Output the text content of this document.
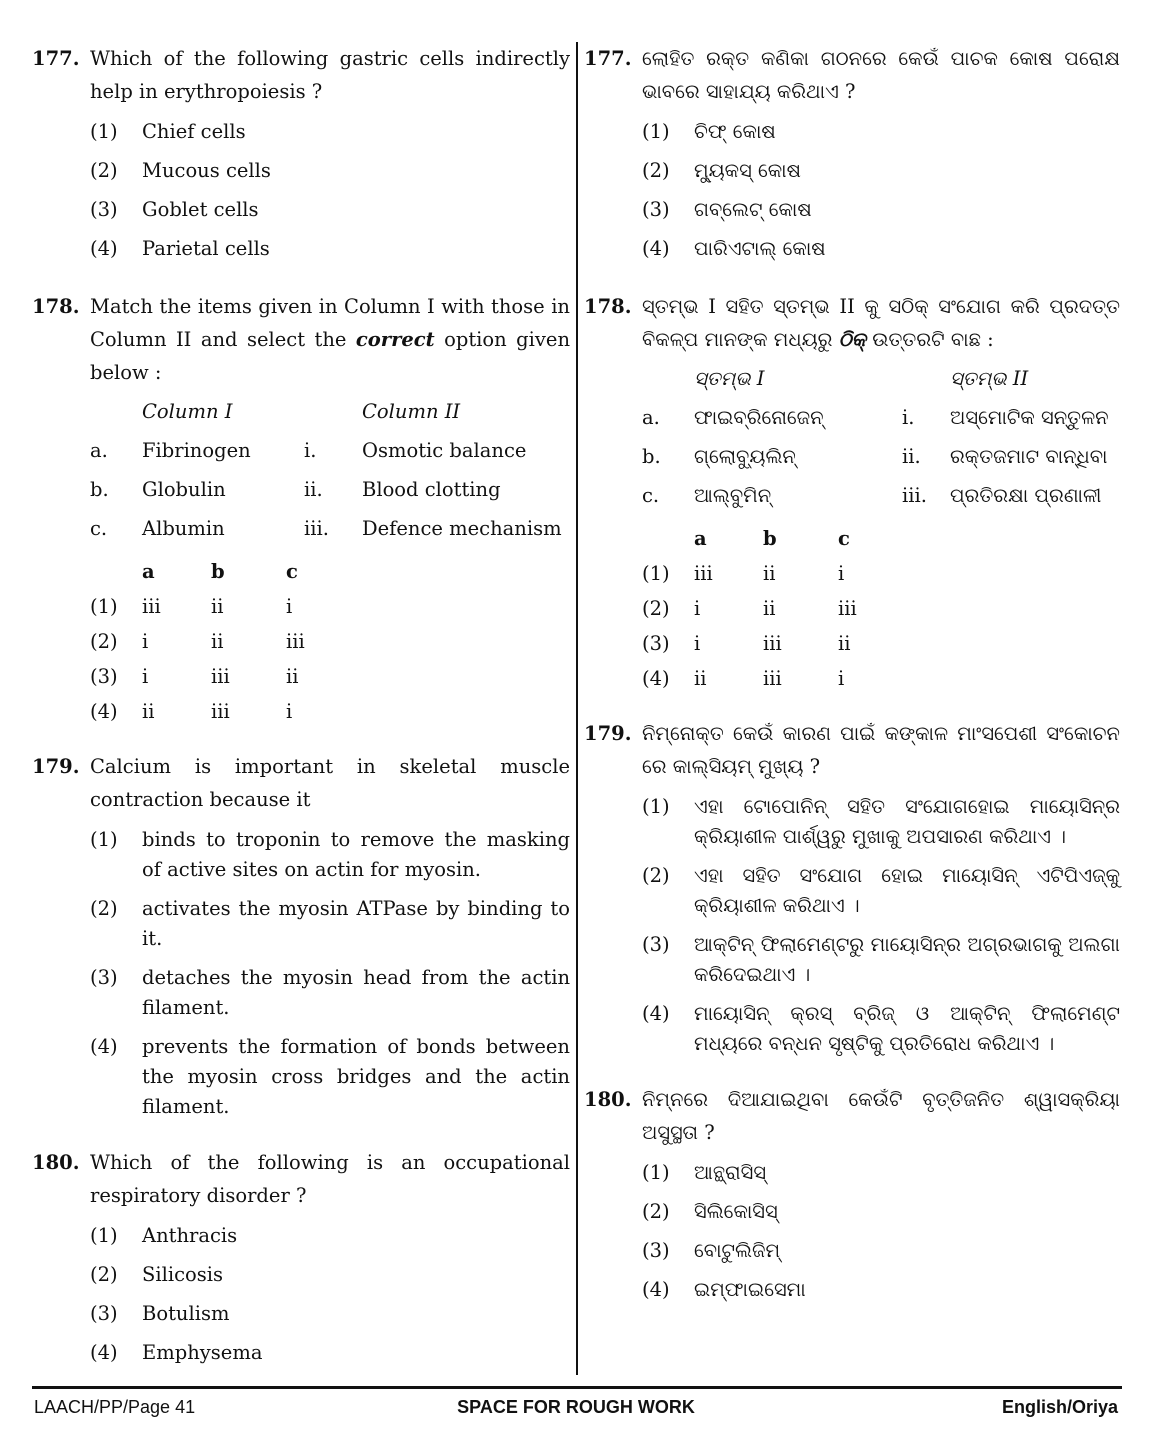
177. Which of the following gastric cells indirectly help in erythropoiesis ?
(1) Chief cells
(2) Mucous cells
(3) Goblet cells
(4) Parietal cells
178. Match the items given in Column I with those in Column II and select the correct option given below :
Column I	Column II
a.	Fibrinogen	i.	Osmotic balance
b.	Globulin	ii.	Blood clotting
c.	Albumin	iii.	Defence mechanism
a	b	c
(1)	iii	ii	i
(2)	i	ii	iii
(3)	i	iii	ii
(4)	ii	iii	i
179. Calcium is important in skeletal muscle contraction because it
(1) binds to troponin to remove the masking of active sites on actin for myosin.
(2) activates the myosin ATPase by binding to it.
(3) detaches the myosin head from the actin filament.
(4) prevents the formation of bonds between the myosin cross bridges and the actin filament.
180. Which of the following is an occupational respiratory disorder ?
(1) Anthracis
(2) Silicosis
(3) Botulism
(4) Emphysema
177. ଲୋହିତ ରକ୍ତ କଣିକା ଗଠନରେ କେଉଁ ପାଚକ କୋଷ ପରୋକ୍ଷ ଭାବରେ ସାହାଯ୍ୟ କରିଥାଏ ?
(1) ଚିଫ୍ କୋଷ
(2) ମ୍ୟୁକସ୍ କୋଷ
(3) ଗବ୍ଲେଟ୍ କୋଷ
(4) ପାରିଏଟାଲ୍ କୋଷ
178. ସ୍ତମ୍ଭ I ସହିତ ସ୍ତମ୍ଭ II କୁ ସଠିକ୍ ସଂଯୋଗ କରି ପ୍ରଦତ୍ତ ବିକଳ୍ପ ମାନଙ୍କ ମଧ୍ୟରୁ ଠିକ୍ ଉତ୍ତରଟି ବାଛ :
ସ୍ତମ୍ଭ I	ସ୍ତମ୍ଭ II
a.	ଫାଇବ୍ରିନୋଜେନ୍	i.	ଅସ୍ମୋଟିକ ସନ୍ତୁଳନ
b.	ଗ୍ଲୋବ୍ୟୁଲିନ୍	ii.	ରକ୍ତଜମାଟ ବାନ୍ଧିବା
c.	ଆଲ୍ବୁମିନ୍	iii.	ପ୍ରତିରକ୍ଷା ପ୍ରଣାଳୀ
a	b	c
(1)	iii	ii	i
(2)	i	ii	iii
(3)	i	iii	ii
(4)	ii	iii	i
179. ନିମ୍ନୋକ୍ତ କେଉଁ କାରଣ ପାଇଁ କଙ୍କାଳ ମାଂସପେଶୀ ସଂକୋଚନ ରେ କାଲ୍ସିୟମ୍ ମୁଖ୍ୟ ?
(1) ଏହା ଟୋପୋନିନ୍ ସହିତ ସଂଯୋଗହୋଇ ମାୟୋସିନ୍‌ର କ୍ରିୟାଶୀଳ ପାର୍ଶ୍ୱରୁ ମୁଖାକୁ ଅପସାରଣ କରିଥାଏ ।
(2) ଏହା ସହିତ ସଂଯୋଗ ହୋଇ ମାୟୋସିନ୍ ଏଟିପିଏଜ୍‌କୁ କ୍ରିୟାଶୀଳ କରିଥାଏ ।
(3) ଆକ୍ଟିନ୍ ଫିଲାମେଣ୍ଟରୁ ମାୟୋସିନ୍‌ର ଅଗ୍ରଭାଗକୁ ଅଲଗା କରିଦେଇଥାଏ ।
(4) ମାୟୋସିନ୍ କ୍ରସ୍ ବ୍ରିଜ୍ ଓ ଆକ୍ଟିନ୍ ଫିଲାମେଣ୍ଟ ମଧ୍ୟରେ ବନ୍ଧନ ସୃଷ୍ଟିକୁ ପ୍ରତିରୋଧ କରିଥାଏ ।
180. ନିମ୍ନରେ ଦିଆଯାଇଥିବା କେଉଁଟି ବୃତ୍ତିଜନିତ ଶ୍ୱାସକ୍ରିୟା ଅସୁସ୍ଥତା ?
(1) ଆନ୍ଥ୍ରାସିସ୍
(2) ସିଲିକୋସିସ୍
(3) ବୋଟୁଲିଜିମ୍
(4) ଇମ୍ଫାଇସେମା
LAACH/PP/Page 41	SPACE FOR ROUGH WORK	English/Oriya
